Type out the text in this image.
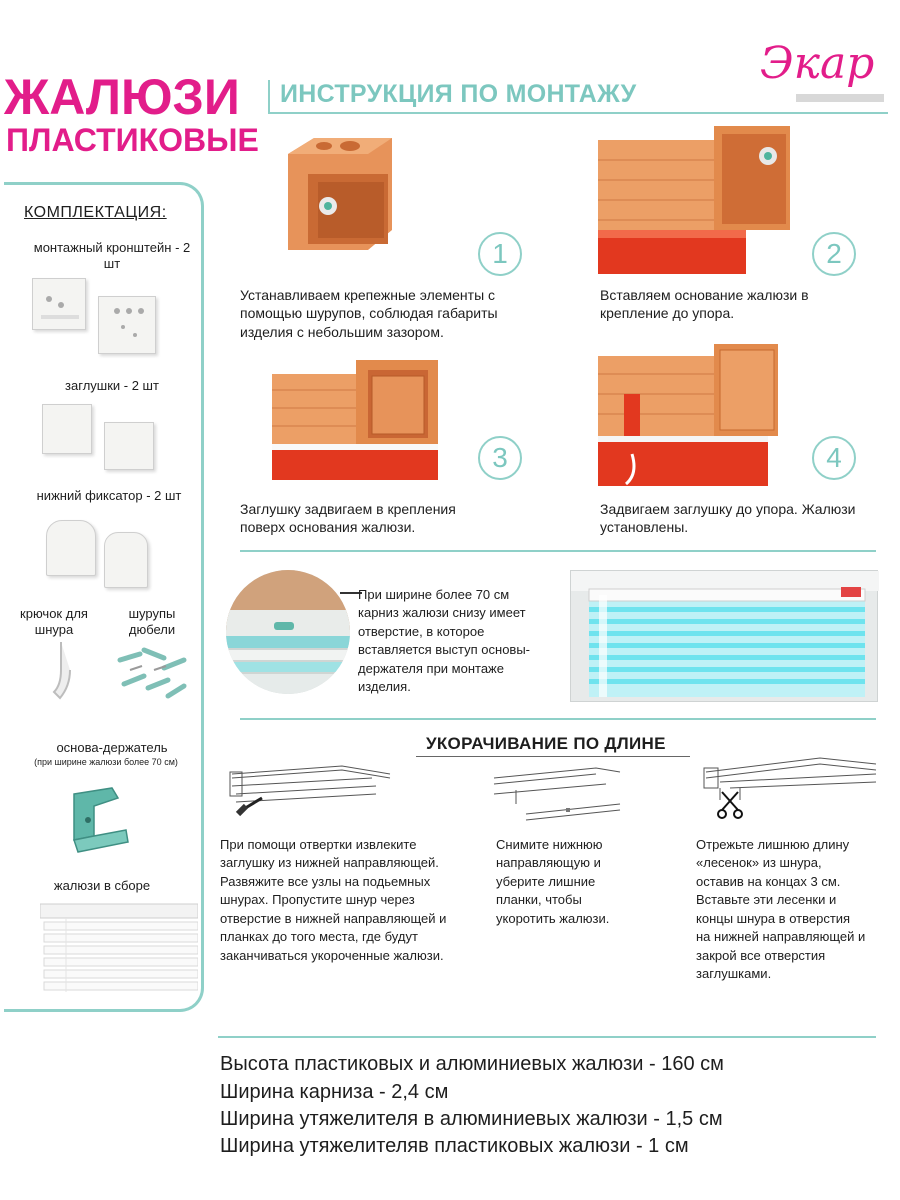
ЖАЛЮЗИ
ПЛАСТИКОВЫЕ
ИНСТРУКЦИЯ ПО МОНТАЖУ
Экар
КОМПЛЕКТАЦИЯ:
монтажный кронштейн - 2 шт
заглушки - 2 шт
нижний фиксатор - 2 шт
крючок для шнура
шурупы дюбели
основа-держатель
(при ширине жалюзи более 70 см)
жалюзи в сборе
1
Устанавливаем крепежные элементы с помощью шурупов, соблюдая габариты изделия с небольшим зазором.
2
Вставляем основание жалюзи в крепление до упора.
3
Заглушку задвигаем в крепления поверх основания жалюзи.
4
Задвигаем заглушку до упора. Жалюзи установлены.
При ширине более 70 см карниз жалюзи снизу имеет отверстие, в которое вставляется выступ основы-держателя при монтаже изделия.
УКОРАЧИВАНИЕ ПО ДЛИНЕ
При помощи отвертки извлеките заглушку из нижней направляющей. Развяжите все узлы на подьемных шнурах. Пропустите шнур через отверстие в нижней направляющей и планках до того места, где будут заканчиваться укороченные жалюзи.
Снимите нижнюю направляющую и уберите лишние планки, чтобы укоротить жалюзи.
Отрежьте лишнюю длину «лесенок» из шнура, оставив на концах 3 см. Вставьте эти лесенки и концы шнура в отверстия на нижней направляющей и закрой все отверстия заглушками.
Высота пластиковых и алюминиевых жалюзи - 160 см
Ширина карниза - 2,4 см
Ширина утяжелителя в алюминиевых жалюзи - 1,5 см
Ширина утяжелителяв пластиковых жалюзи - 1 см
